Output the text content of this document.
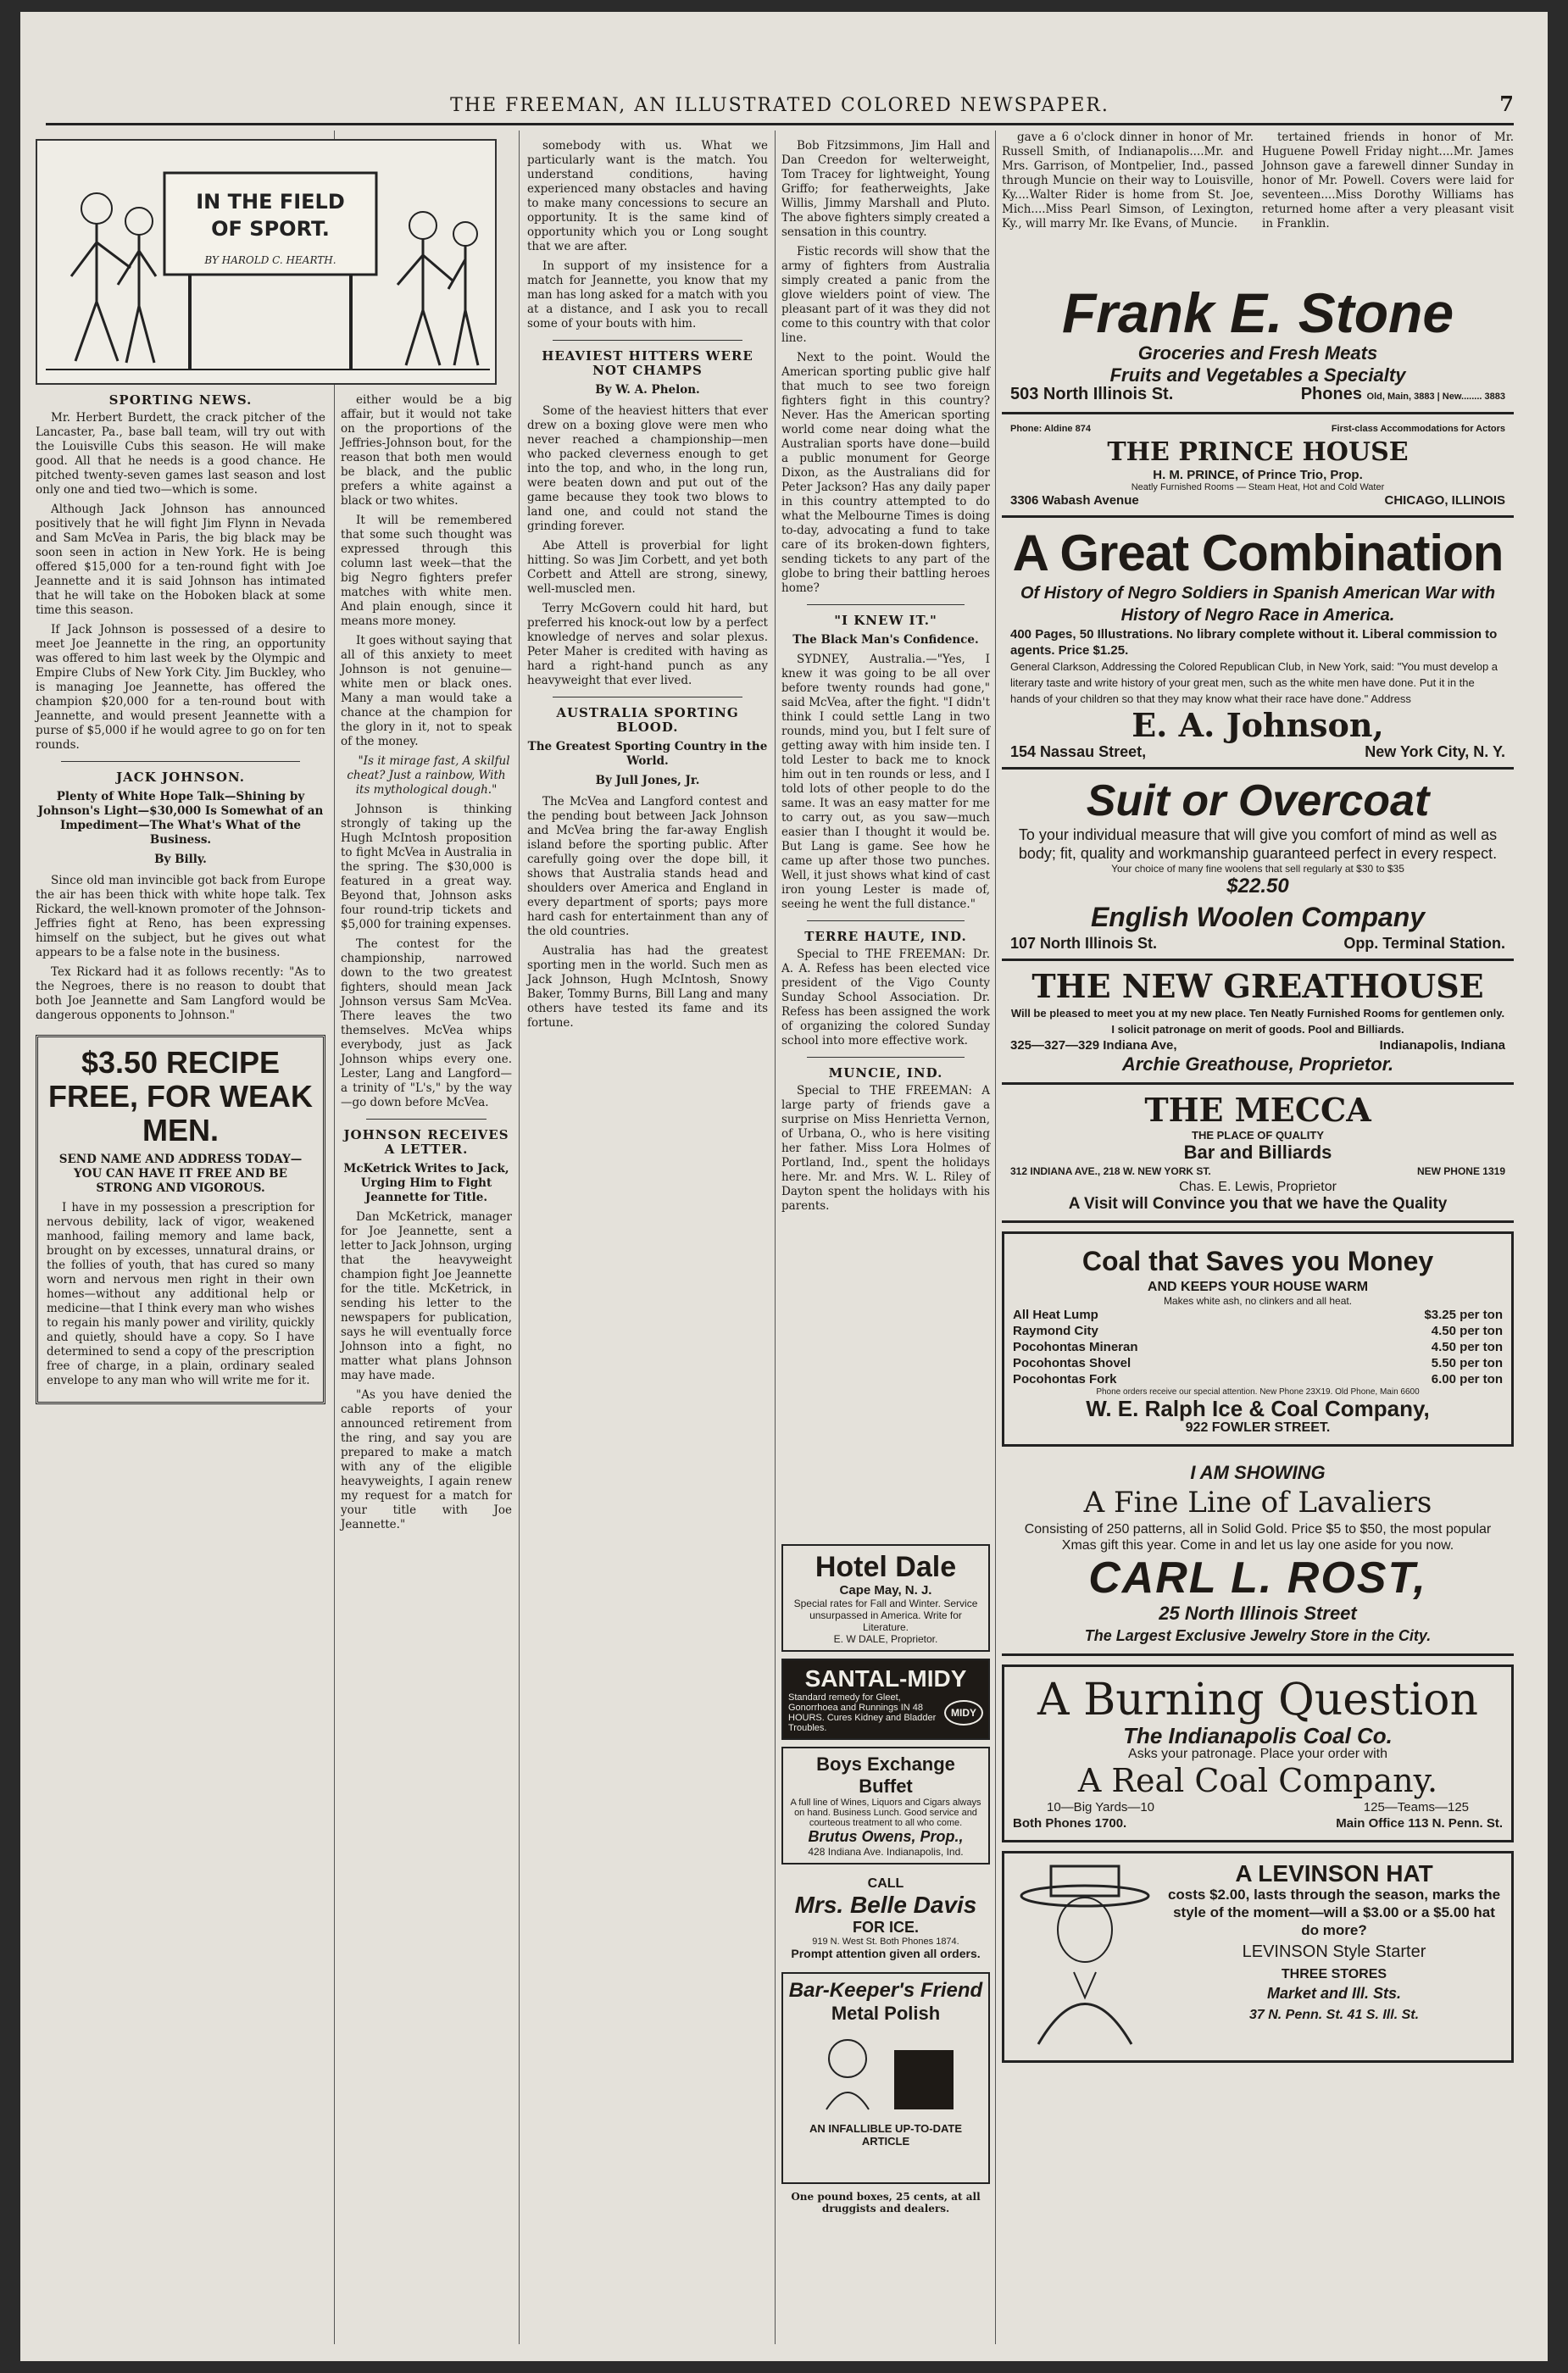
THE FREEMAN, AN ILLUSTRATED COLORED NEWSPAPER.	7
IN THE FIELD
OF SPORT.
BY HAROLD C. HEARTH.
SPORTING NEWS.

Mr. Herbert Burdett, the crack pitcher of the Lancaster, Pa., base ball team, will try out with the Louisville Cubs this season. He will make good. All that he needs is a good chance. He pitched twenty-seven games last season and lost only one and tied two—which is some.

Although Jack Johnson has announced positively that he will fight Jim Flynn in Nevada and Sam McVea in Paris, the big black may be soon seen in action in New York. He is being offered $15,000 for a ten-round fight with Joe Jeannette and it is said Johnson has intimated that he will take on the Hoboken black at some time this season.

If Jack Johnson is possessed of a desire to meet Joe Jeannette in the ring, an opportunity was offered to him last week by the Olympic and Empire Clubs of New York City. Jim Buckley, who is managing Joe Jeannette, has offered the champion $20,000 for a ten-round bout with Jeannette, and would present Jeannette with a purse of $5,000 if he would agree to go on for ten rounds.

JACK JOHNSON.
Plenty of White Hope Talk—Shining by Johnson's Light—$30,000 Is Somewhat of an Impediment—The What's What of the Business.
By Billy.

Since old man invincible got back from Europe the air has been thick with white hope talk. Tex Rickard, the well-known promoter of the Johnson-Jeffries fight at Reno, has been expressing himself on the subject, but he gives out what appears to be a false note in the business.

Tex Rickard had it as follows recently: "As to the Negroes, there is no reason to doubt that both Joe Jeannette and Sam Langford would be dangerous opponents to Johnson."

$3.50 RECIPE FREE, FOR WEAK MEN.
SEND NAME AND ADDRESS TODAY—YOU CAN HAVE IT FREE AND BE STRONG AND VIGOROUS.

I have in my possession a prescription for nervous debility, lack of vigor, weakened manhood, failing memory and lame back, brought on by excesses, unnatural drains, or the follies of youth, that has cured so many worn and nervous men right in their own homes—without any additional help or medicine—that I think every man who wishes to regain his manly power and virility, quickly and quietly, should have a copy. So I have determined to send a copy of the prescription free of charge, in a plain, ordinary sealed envelope to any man who will write me for it.

either would be a big affair, but it would not take on the proportions of the Jeffries-Johnson bout, for the reason that both men would be black, and the public prefers a white against a black or two whites.

It will be remembered that some such thought was expressed through this column last week—that the big Negro fighters prefer matches with white men. And plain enough, since it means more money.

It goes without saying that all of this anxiety to meet Johnson is not genuine—white men or black ones. Many a man would take a chance at the champion for the glory in it, not to speak of the money.

"Is it mirage fast, A skilful cheat? Just a rainbow, With its mythological dough."

Johnson is thinking strongly of taking up the Hugh McIntosh proposition to fight McVea in Australia in the spring. The $30,000 is featured in a great way. Beyond that, Johnson asks four round-trip tickets and $5,000 for training expenses.

The contest for the championship, narrowed down to the two greatest fighters, should mean Jack Johnson versus Sam McVea. There leaves the two themselves. McVea whips everybody, just as Jack Johnson whips every one. Lester, Lang and Langford—a trinity of "L's," by the way—go down before McVea.

JOHNSON RECEIVES A LETTER.
McKetrick Writes to Jack, Urging Him to Fight Jeannette for Title.

Dan McKetrick, manager for Joe Jeannette, sent a letter to Jack Johnson, urging that the heavyweight champion fight Joe Jeannette for the title. McKetrick, in sending his letter to the newspapers for publication, says he will eventually force Johnson into a fight, no matter what plans Johnson may have made.

"As you have denied the cable reports of your announced retirement from the ring, and say you are prepared to make a match with any of the eligible heavyweights, I again renew my request for a match for your title with Joe Jeannette."

somebody with us. What we particularly want is the match. You understand conditions, having experienced many obstacles and having to make many concessions to secure an opportunity. It is the same kind of opportunity which you or Long sought that we are after.

In support of my insistence for a match for Jeannette, you know that my man has long asked for a match with you at a distance, and I ask you to recall some of your bouts with him.

HEAVIEST HITTERS WERE NOT CHAMPS
By W. A. Phelon.

Some of the heaviest hitters that ever drew on a boxing glove were men who never reached a championship—men who packed cleverness enough to get into the top, and who, in the long run, were beaten down and put out of the game because they took two blows to land one, and could not stand the grinding forever.

Abe Attell is proverbial for light hitting. So was Jim Corbett, and yet both Corbett and Attell are strong, sinewy, well-muscled men.

Terry McGovern could hit hard, but preferred his knock-out low by a perfect knowledge of nerves and solar plexus. Peter Maher is credited with having as hard a right-hand punch as any heavyweight that ever lived.

AUSTRALIA SPORTING BLOOD.
The Greatest Sporting Country in the World.
By Jull Jones, Jr.

The McVea and Langford contest and the pending bout between Jack Johnson and McVea bring the far-away English island before the sporting public. After carefully going over the dope bill, it shows that Australia stands head and shoulders over America and England in every department of sports; pays more hard cash for entertainment than any of the old countries.

Australia has had the greatest sporting men in the world. Such men as Jack Johnson, Hugh McIntosh, Snowy Baker, Tommy Burns, Bill Lang and many others have tested its fame and its fortune.

Bob Fitzsimmons, Jim Hall and Dan Creedon for welterweight, Tom Tracey for lightweight, Young Griffo; for featherweights, Jake Willis, Jimmy Marshall and Pluto. The above fighters simply created a sensation in this country.

Fistic records will show that the army of fighters from Australia simply created a panic from the glove wielders point of view. The pleasant part of it was they did not come to this country with that color line.

Next to the point. Would the American sporting public give half that much to see two foreign fighters fight in this country? Never. Has the American sporting world come near doing what the Australian sports have done—build a public monument for George Dixon, as the Australians did for Peter Jackson? Has any daily paper in this country attempted to do what the Melbourne Times is doing to-day, advocating a fund to take care of its broken-down fighters, sending tickets to any part of the globe to bring their battling heroes home?

"I KNEW IT."
The Black Man's Confidence.

SYDNEY, Australia.—"Yes, I knew it was going to be all over before twenty rounds had gone," said McVea, after the fight. "I didn't think I could settle Lang in two rounds, mind you, but I felt sure of getting away with him inside ten. I told Lester to back me to knock him out in ten rounds or less, and I told lots of other people to do the same. It was an easy matter for me to carry out, as you saw—much easier than I thought it would be. But Lang is game. See how he came up after those two punches. Well, it just shows what kind of cast iron young Lester is made of, seeing he went the full distance."

TERRE HAUTE, IND.

Special to THE FREEMAN: Dr. A. A. Refess has been elected vice president of the Vigo County Sunday School Association. Dr. Refess has been assigned the work of organizing the colored Sunday school into more effective work.

MUNCIE, IND.

Special to THE FREEMAN: A large party of friends gave a surprise on Miss Henrietta Vernon, of Urbana, O., who is here visiting her father. Miss Lora Holmes of Portland, Ind., spent the holidays here. Mr. and Mrs. W. L. Riley of Dayton spent the holidays with his parents.

Hotel Dale
Cape May, N. J.
Special rates for Fall and Winter. Service unsurpassed in America. Write for Literature.
E. W DALE, Proprietor.
SANTAL-MIDY
Standard remedy for Gleet, Gonorrhoea and Runnings IN 48 HOURS. Cures Kidney and Bladder Troubles.
MIDY
Boys Exchange Buffet
A full line of Wines, Liquors and Cigars always on hand. Business Lunch. Good service and courteous treatment to all who come.
Brutus Owens, Prop.,
428 Indiana Ave. Indianapolis, Ind.
CALL
Mrs. Belle Davis
FOR ICE.
919 N. West St. Both Phones 1874.
Prompt attention given all orders.
Bar-Keeper's Friend
Metal Polish
AN INFALLIBLE UP-TO-DATE ARTICLE
One pound boxes, 25 cents, at all druggists and dealers.

gave a 6 o'clock dinner in honor of Mr. Russell Smith, of Indianapolis....Mr. and Mrs. Garrison, of Montpelier, Ind., passed through Muncie on their way to Louisville, Ky....Walter Rider is home from St. Joe, Mich....Miss Pearl Simson, of Lexington, Ky., will marry Mr. Ike Evans, of Muncie.

tertained friends in honor of Mr. Huguene Powell Friday night....Mr. James Johnson gave a farewell dinner Sunday in honor of Mr. Powell. Covers were laid for seventeen....Miss Dorothy Williams has returned home after a very pleasant visit in Franklin.

Frank E. Stone
Groceries and Fresh Meats
Fruits and Vegetables a Specialty
503 North Illinois St.	Phones Old, Main, 3883 | New........ 3883
Phone: Aldine 874	First-class Accommodations for Actors
THE PRINCE HOUSE
H. M. PRINCE, of Prince Trio, Prop.
Neatly Furnished Rooms — Steam Heat, Hot and Cold Water
3306 Wabash Avenue	CHICAGO, ILLINOIS
A Great Combination
Of History of Negro Soldiers in Spanish American War with History of Negro Race in America.
400 Pages, 50 Illustrations. No library complete without it. Liberal commission to agents. Price $1.25.
General Clarkson, Addressing the Colored Republican Club, in New York, said: "You must develop a literary taste and write history of your great men, such as the white men have done. Put it in the hands of your children so that they may know what their race have done." Address
E. A. Johnson,
154 Nassau Street,	New York City, N. Y.
Suit or Overcoat
To your individual measure that will give you comfort of mind as well as body; fit, quality and workmanship guaranteed perfect in every respect.
Your choice of many fine woolens that sell regularly at $30 to $35
$22.50
English Woolen Company
107 North Illinois St.	Opp. Terminal Station.
THE NEW GREATHOUSE
Will be pleased to meet you at my new place. Ten Neatly Furnished Rooms for gentlemen only. I solicit patronage on merit of goods. Pool and Billiards.
325—327—329 Indiana Ave,	Indianapolis, Indiana
Archie Greathouse, Proprietor.
THE MECCA
THE PLACE OF QUALITY
Bar and Billiards
312 INDIANA AVE., 218 W. NEW YORK ST.	NEW PHONE 1319
Chas. E. Lewis, Proprietor
A Visit will Convince you that we have the Quality
Coal that Saves you Money
AND KEEPS YOUR HOUSE WARM
Makes white ash, no clinkers and all heat.
All Heat Lump	$3.25 per ton
Raymond City	4.50 per ton
Pocohontas Mineran	4.50 per ton
Pocohontas Shovel	5.50 per ton
Pocohontas Fork	6.00 per ton
Phone orders receive our special attention. New Phone 23X19. Old Phone, Main 6600
W. E. Ralph Ice & Coal Company,
922 FOWLER STREET.
I AM SHOWING
A Fine Line of Lavaliers
Consisting of 250 patterns, all in Solid Gold. Price $5 to $50, the most popular Xmas gift this year. Come in and let us lay one aside for you now.
CARL L. ROST,
25 North Illinois Street
The Largest Exclusive Jewelry Store in the City.
A Burning Question
The Indianapolis Coal Co.
Asks your patronage. Place your order with
A Real Coal Company.
10—Big Yards—10	125—Teams—125
Both Phones 1700.	Main Office 113 N. Penn. St.
A LEVINSON HAT
costs $2.00, lasts through the season, marks the style of the moment—will a $3.00 or a $5.00 hat do more?
LEVINSON Style Starter
THREE STORES
Market and Ill. Sts.
37 N. Penn. St. 41 S. Ill. St.
